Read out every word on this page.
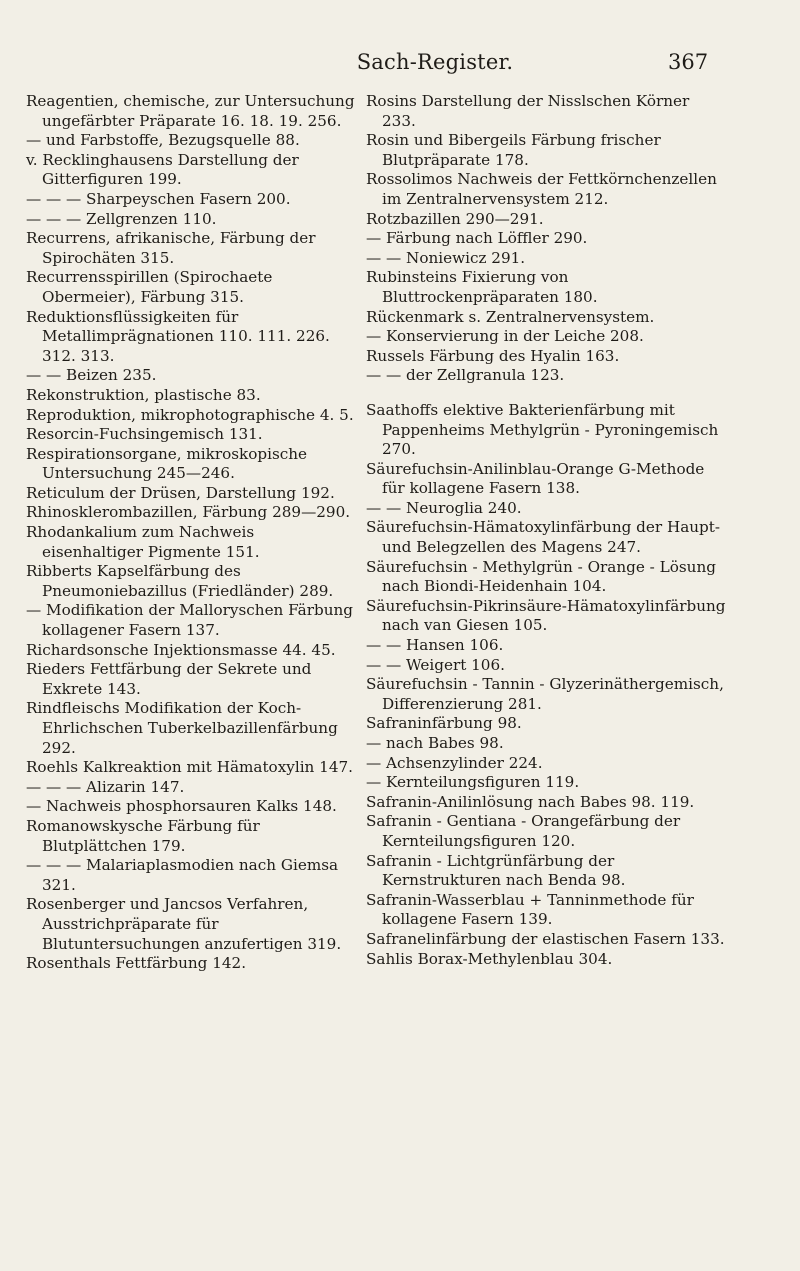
Sach-Register.	367

Reagentien, chemische, zur Untersuchung ungefärbter Präparate 16. 18. 19. 256.

— und Farbstoffe, Bezugsquelle 88.

v. Recklinghausens Darstellung der Gitterfiguren 199.

— — — Sharpeyschen Fasern 200.

— — — Zellgrenzen 110.

Recurrens, afrikanische, Färbung der Spirochäten 315.

Recurrensspirillen (Spirochaete Obermeier), Färbung 315.

Reduktionsflüssigkeiten für Metallimprägnationen 110. 111. 226. 312. 313.

— — Beizen 235.

Rekonstruktion, plastische 83.

Reproduktion, mikrophotographische 4. 5.

Resorcin-Fuchsingemisch 131.

Respirationsorgane, mikroskopische Untersuchung 245—246.

Reticulum der Drüsen, Darstellung 192.

Rhinosklerombazillen, Färbung 289—290.

Rhodankalium zum Nachweis eisenhaltiger Pigmente 151.

Ribberts Kapselfärbung des Pneumoniebazillus (Friedländer) 289.

— Modifikation der Malloryschen Färbung kollagener Fasern 137.

Richardsonsche Injektionsmasse 44. 45.

Rieders Fettfärbung der Sekrete und Exkrete 143.

Rindfleischs Modifikation der Koch-Ehrlichschen Tuberkelbazillenfärbung 292.

Roehls Kalkreaktion mit Hämatoxylin 147.

— — — Alizarin 147.

— Nachweis phosphorsauren Kalks 148.

Romanowskysche Färbung für Blutplättchen 179.

— — — Malariaplasmodien nach Giemsa 321.

Rosenberger und Jancsos Verfahren, Ausstrichpräparate für Blutuntersuchungen anzufertigen 319.

Rosenthals Fettfärbung 142.

Rosins Darstellung der Nisslschen Körner 233.

Rosin und Bibergeils Färbung frischer Blutpräparate 178.

Rossolimos Nachweis der Fettkörnchenzellen im Zentralnervensystem 212.

Rotzbazillen 290—291.

— Färbung nach Löffler 290.

— — Noniewicz 291.

Rubinsteins Fixierung von Bluttrockenpräparaten 180.

Rückenmark s. Zentralnervensystem.

— Konservierung in der Leiche 208.

Russels Färbung des Hyalin 163.

— — der Zellgranula 123.

Saathoffs elektive Bakterienfärbung mit Pappenheims Methylgrün - Pyroningemisch 270.

Säurefuchsin-Anilinblau-Orange G-Methode für kollagene Fasern 138.

— — Neuroglia 240.

Säurefuchsin-Hämatoxylinfärbung der Haupt- und Belegzellen des Magens 247.

Säurefuchsin - Methylgrün - Orange - Lösung nach Biondi-Heidenhain 104.

Säurefuchsin-Pikrinsäure-Hämatoxylinfärbung nach van Giesen 105.

— — Hansen 106.

— — Weigert 106.

Säurefuchsin - Tannin - Glyzerinäthergemisch, Differenzierung 281.

Safraninfärbung 98.

— nach Babes 98.

— Achsenzylinder 224.

— Kernteilungsfiguren 119.

Safranin-Anilinlösung nach Babes 98. 119.

Safranin - Gentiana - Orangefärbung der Kernteilungsfiguren 120.

Safranin - Lichtgrünfärbung der Kernstrukturen nach Benda 98.

Safranin-Wasserblau + Tanninmethode für kollagene Fasern 139.

Safranelinfärbung der elastischen Fasern 133.

Sahlis Borax-Methylenblau 304.
